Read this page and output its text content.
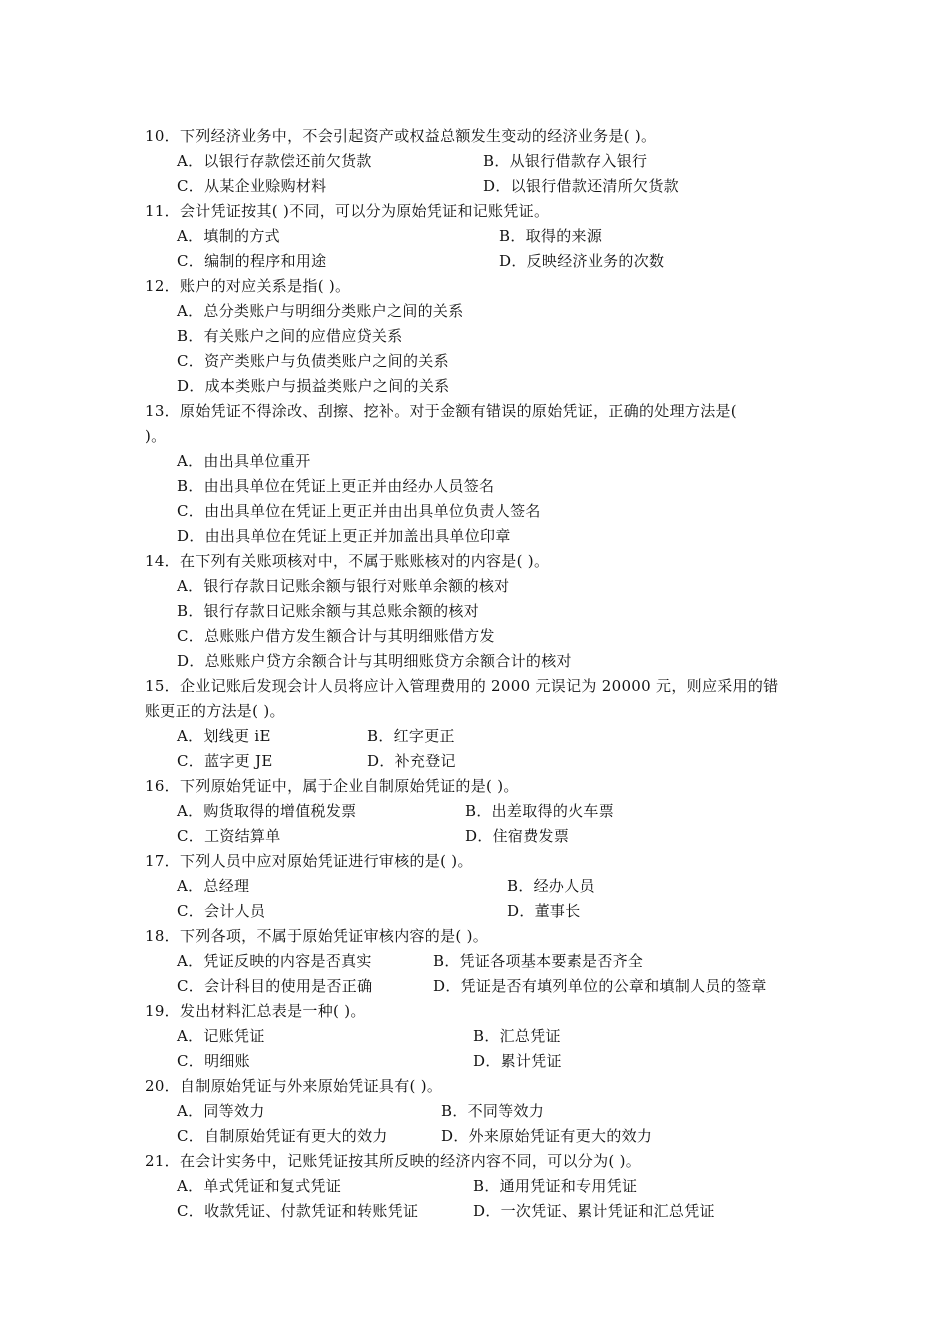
10．下列经济业务中，不会引起资产或权益总额发生变动的经济业务是( )。
A．以银行存款偿还前欠货款	B．从银行借款存入银行
C．从某企业赊购材料	D．以银行借款还清所欠货款
11．会计凭证按其( )不同，可以分为原始凭证和记账凭证。
A．填制的方式	B．取得的来源
C．编制的程序和用途	D．反映经济业务的次数
12．账户的对应关系是指( )。
A．总分类账户与明细分类账户之间的关系
B．有关账户之间的应借应贷关系
C．资产类账户与负债类账户之间的关系
D．成本类账户与损益类账户之间的关系
13．原始凭证不得涂改、刮擦、挖补。对于金额有错误的原始凭证，正确的处理方法是(
)。
A．由出具单位重开
B．由出具单位在凭证上更正并由经办人员签名
C．由出具单位在凭证上更正并由出具单位负责人签名
D．由出具单位在凭证上更正并加盖出具单位印章
14．在下列有关账项核对中，不属于账账核对的内容是( )。
A．银行存款日记账余额与银行对账单余额的核对
B．银行存款日记账余额与其总账余额的核对
C．总账账户借方发生额合计与其明细账借方发
D．总账账户贷方余额合计与其明细账贷方余额合计的核对
15．企业记账后发现会计人员将应计入管理费用的 2000 元误记为 20000 元，则应采用的错
账更正的方法是( )。
A．划线更 iE	B．红字更正
C．蓝字更 JE	D．补充登记
16．下列原始凭证中，属于企业自制原始凭证的是( )。
A．购货取得的增值税发票	B．出差取得的火车票
C．工资结算单	D．住宿费发票
17．下列人员中应对原始凭证进行审核的是( )。
A．总经理	B．经办人员
C．会计人员	D．董事长
18．下列各项，不属于原始凭证审核内容的是( )。
A．凭证反映的内容是否真实	B．凭证各项基本要素是否齐全
C．会计科目的使用是否正确	D．凭证是否有填列单位的公章和填制人员的签章
19．发出材料汇总表是一种( )。
A．记账凭证	B．汇总凭证
C．明细账	D．累计凭证
20．自制原始凭证与外来原始凭证具有( )。
A．同等效力	B．不同等效力
C．自制原始凭证有更大的效力	D．外来原始凭证有更大的效力
21．在会计实务中，记账凭证按其所反映的经济内容不同，可以分为( )。
A．单式凭证和复式凭证	B．通用凭证和专用凭证
C．收款凭证、付款凭证和转账凭证	D．一次凭证、累计凭证和汇总凭证
